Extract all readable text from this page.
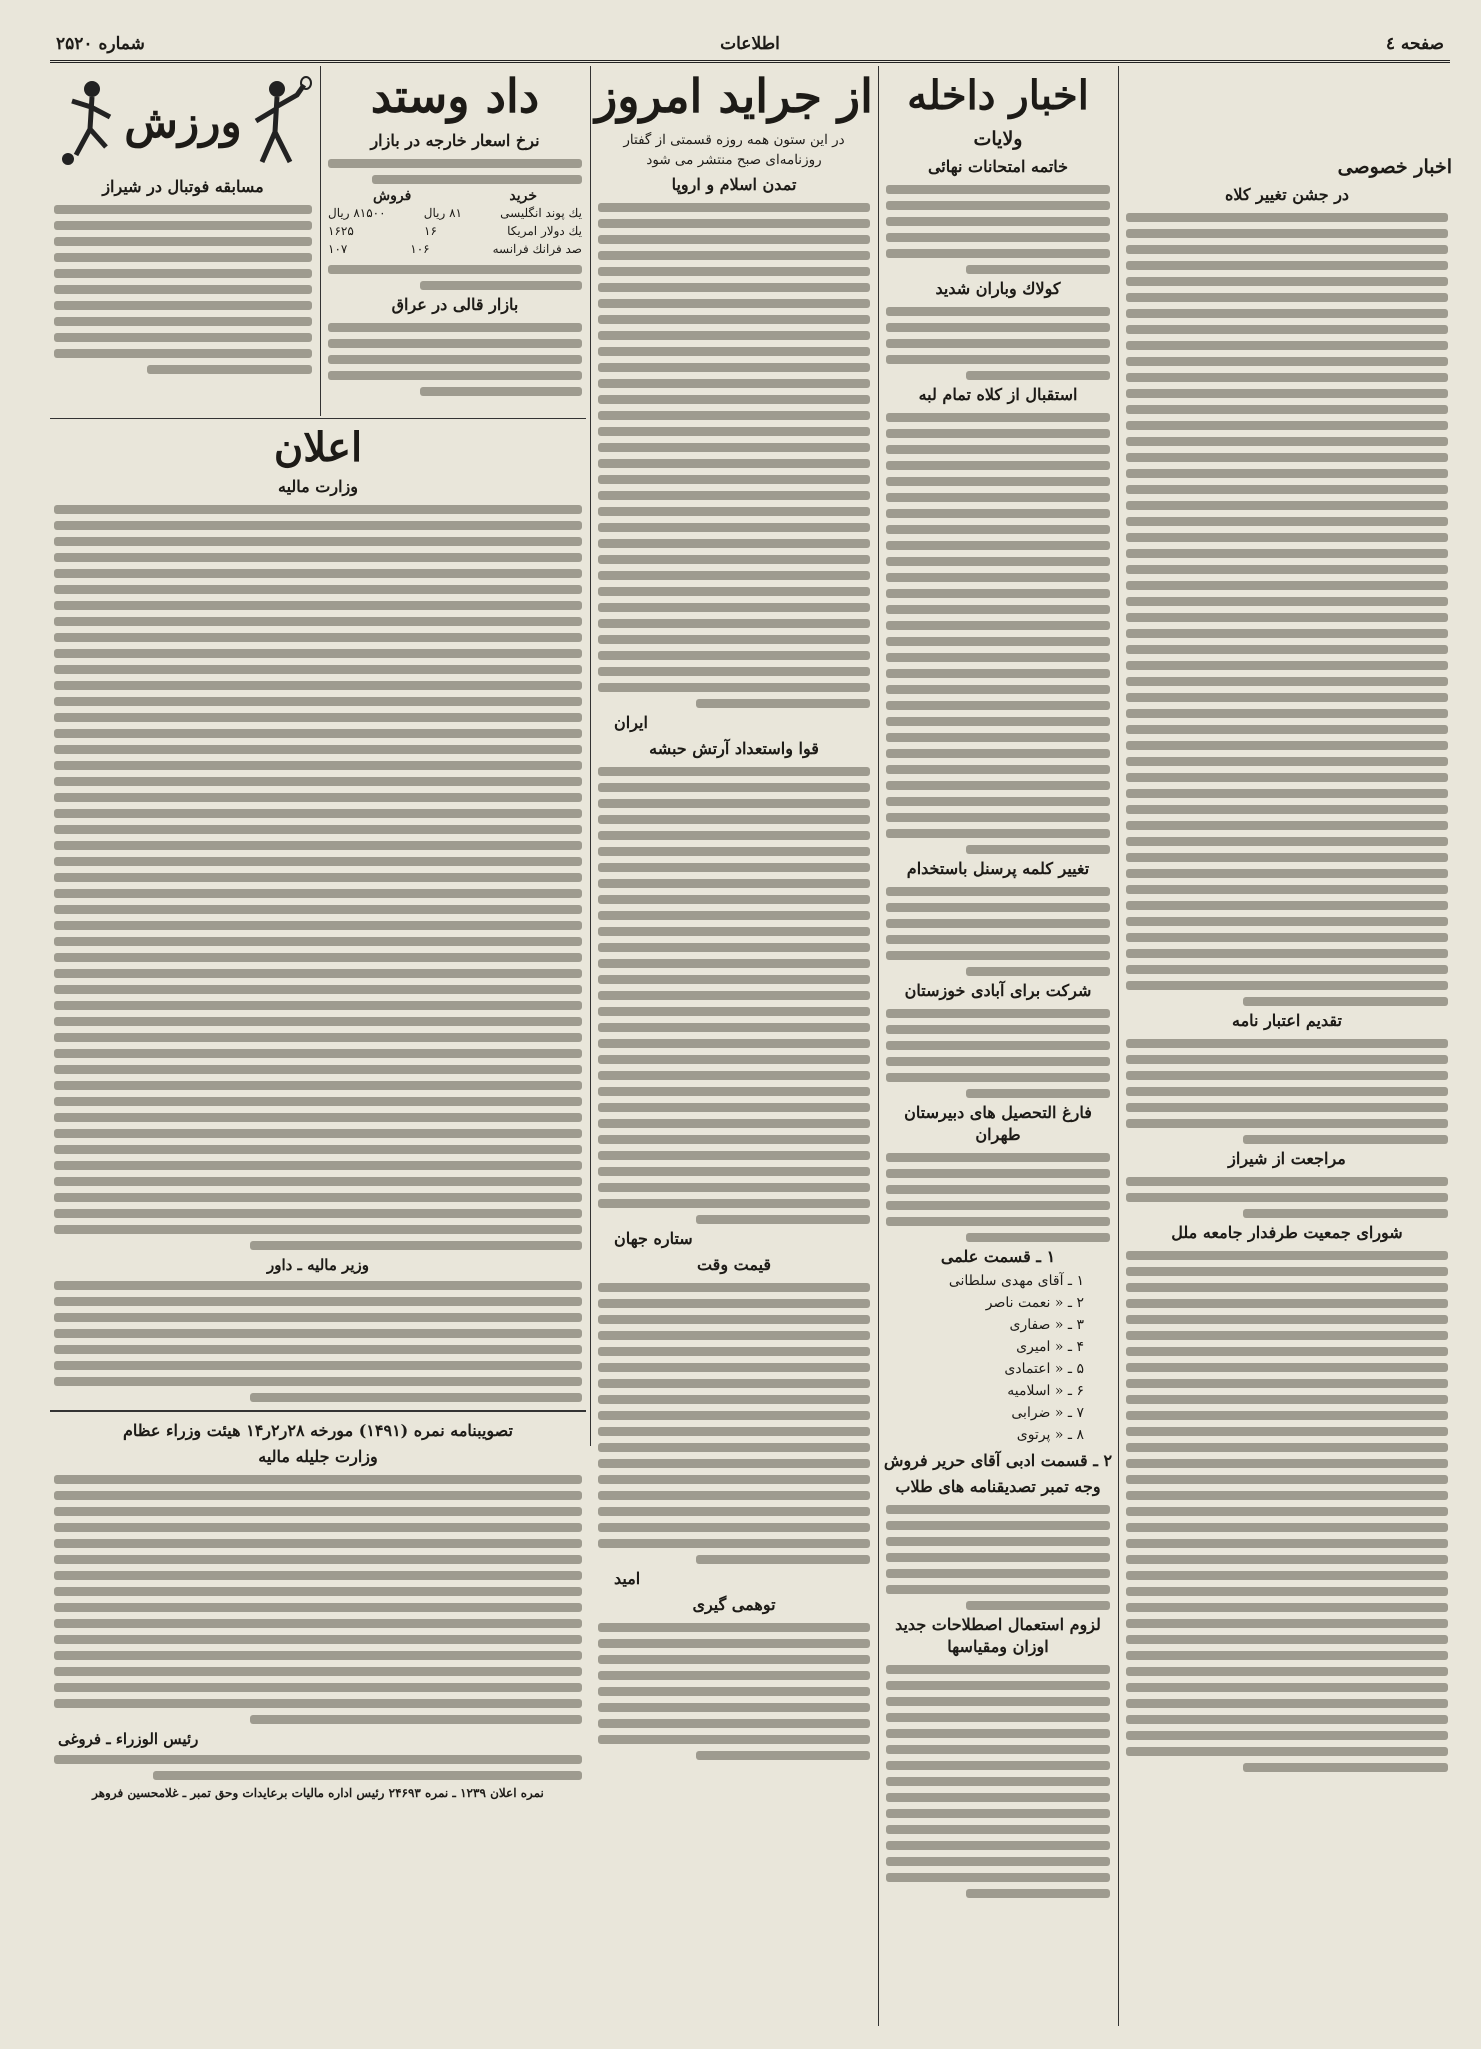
صفحه ٤
اطلاعات
شماره ۲۵۲۰
اخبار خصوصی
در جشن تغییر کلاه
تقدیم اعتبار نامه
مراجعت از شیراز
شورای جمعیت طرفدار جامعه ملل
اخبار داخله
ولایات
خاتمه امتحانات نهائی
کولاك وباران شدید
استقبال از کلاه تمام لبه
تغییر کلمه پرسنل باستخدام
شرکت برای آبادی خوزستان
فارغ التحصیل های دبیرستان طهران
۱ ـ قسمت علمی
۱ ـ آقای مهدی سلطانی
۲ ـ « نعمت ناصر
۳ ـ « صفاری
۴ ـ « امیری
۵ ـ « اعتمادی
۶ ـ « اسلامیه
۷ ـ « ضرابی
۸ ـ « پرتوی
۲ ـ قسمت ادبی آقای حریر فروش
وجه تمبر تصدیقنامه های طلاب
لزوم استعمال اصطلاحات جدید اوزان ومقیاسها
از جرايد امروز

در این ستون همه روزه قسمتی از گفتار روزنامه‌ای صبح منتشر می شود

تمدن اسلام و اروپا
ایران
قوا واستعداد آرتش حبشه
ستاره جهان
قیمت وقت
امید
توهمی گیری
داد وستد
نرخ اسعار خارجه در بازار
خرید
فروش
یك پوند انگلیسی
۸۱ ریال
۸۱۵۰۰ ریال
یك دولار امریکا
۱۶
۱۶۲۵
صد فرانك فرانسه
۱۰۶
۱۰۷
بازار قالی در عراق
ورزش
مسابقه فوتبال در شیراز
اعلان
وزارت مالیه
وزیر مالیه ـ داور
تصویبنامه نمره (۱۴۹۱) مورخه ۲۸ر۲ر۱۴ هیئت وزراء عظام
وزارت جلیله مالیه
رئیس الوزراء ـ فروغی
نمره اعلان ۱۲۳۹ ـ نمره ۲۴۶۹۳ رئیس اداره مالیات برعایدات وحق تمبر ـ غلامحسین فروهر
